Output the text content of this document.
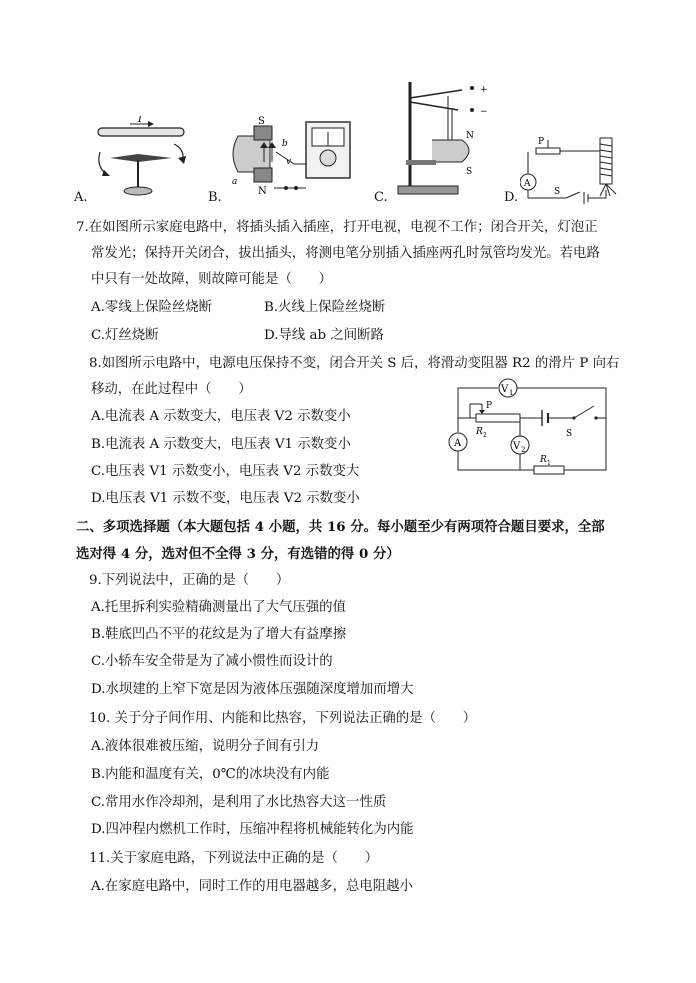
A.
I
B.
S
N
b
a
v
C.
+
−
N
S
D.
P
A
S
7.在如图所示家庭电路中，将插头插入插座，打开电视，电视不工作；闭合开关，灯泡正
常发光；保持开关闭合，拔出插头，将测电笔分别插入插座两孔时氖管均发光。若电路
中只有一处故障，则故障可能是（　　）
A.零线上保险丝烧断	B.火线上保险丝烧断
C.灯丝烧断	D.导线 ab 之间断路
8.如图所示电路中，电源电压保持不变，闭合开关 S 后，将滑动变阻器 R2 的滑片 P 向右
移动，在此过程中（　　）
A.电流表 A 示数变大，电压表 V2 示数变小
B.电流表 A 示数变大，电压表 V1 示数变小
C.电压表 V1 示数变小，电压表 V2 示数变大
D.电压表 V1 示数不变，电压表 V2 示数变小
V 1
P
R 2	S
A	V 2
R 1
二、多项选择题（本大题包括 4 小题，共 16 分。每小题至少有两项符合题目要求，全部
选对得 4 分，选对但不全得 3 分，有选错的得 0 分）
9.下列说法中，正确的是（　　）
A.托里拆利实验精确测量出了大气压强的值
B.鞋底凹凸不平的花纹是为了增大有益摩擦
C.小轿车安全带是为了减小惯性而设计的
D.水坝建的上窄下宽是因为液体压强随深度增加而增大
10. 关于分子间作用、内能和比热容，下列说法正确的是（　　）
A.液体很难被压缩，说明分子间有引力
B.内能和温度有关，0℃的冰块没有内能
C.常用水作冷却剂，是利用了水比热容大这一性质
D.四冲程内燃机工作时，压缩冲程将机械能转化为内能
11.关于家庭电路，下列说法中正确的是（　　）
A.在家庭电路中，同时工作的用电器越多，总电阻越小
